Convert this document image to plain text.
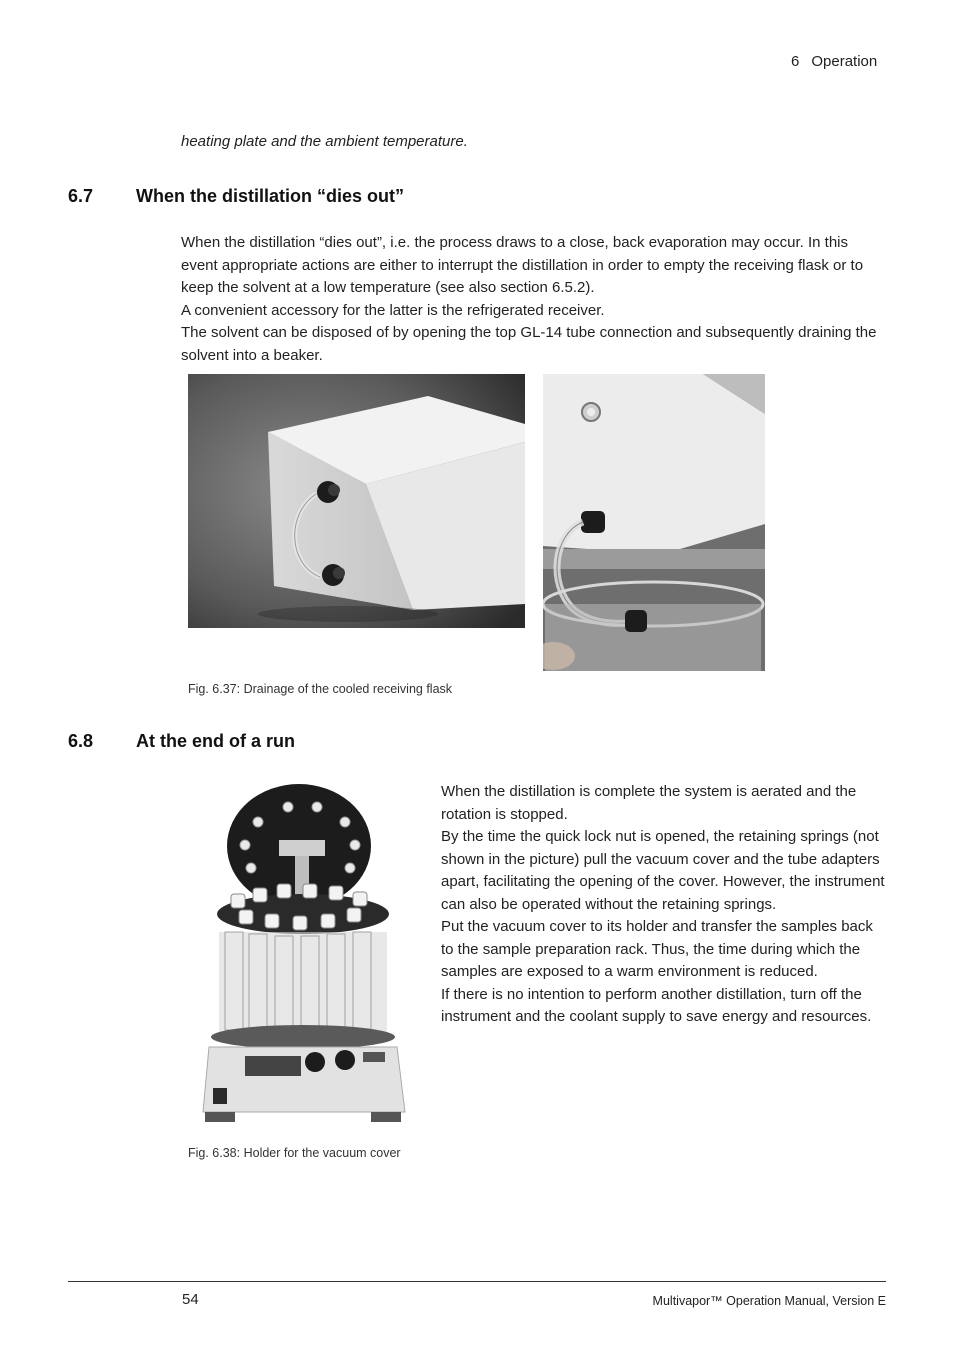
6 Operation
heating plate and the ambient temperature.
6.7 When the distillation “dies out”

When the distillation “dies out”, i.e. the process draws to a close, back evaporation may occur. In this event appropriate actions are either to interrupt the distillation in order to empty the receiving flask or to keep the solvent at a low temperature (see also section 6.5.2).

A convenient accessory for the latter is the refrigerated receiver.

The solvent can be disposed of by opening the top GL-14 tube connection and subsequently draining the solvent into a beaker.

Fig. 6.37: Drainage of the cooled receiving flask
6.8 At the end of a run

When the distillation is complete the system is aerated and the rotation is stopped.

By the time the quick lock nut is opened, the retaining springs (not shown in the picture) pull the vacuum cover and the tube adapters apart, facilitating the opening of the cover. However, the instrument can also be operated without the retaining springs.

Put the vacuum cover to its holder and transfer the samples back to the sample preparation rack. Thus, the time during which the samples are exposed to a warm environment is reduced.

If there is no intention to perform another distillation, turn off the instrument and the coolant supply to save energy and resources.

Fig. 6.38: Holder for the vacuum cover
54	Multivapor™ Operation Manual, Version E
